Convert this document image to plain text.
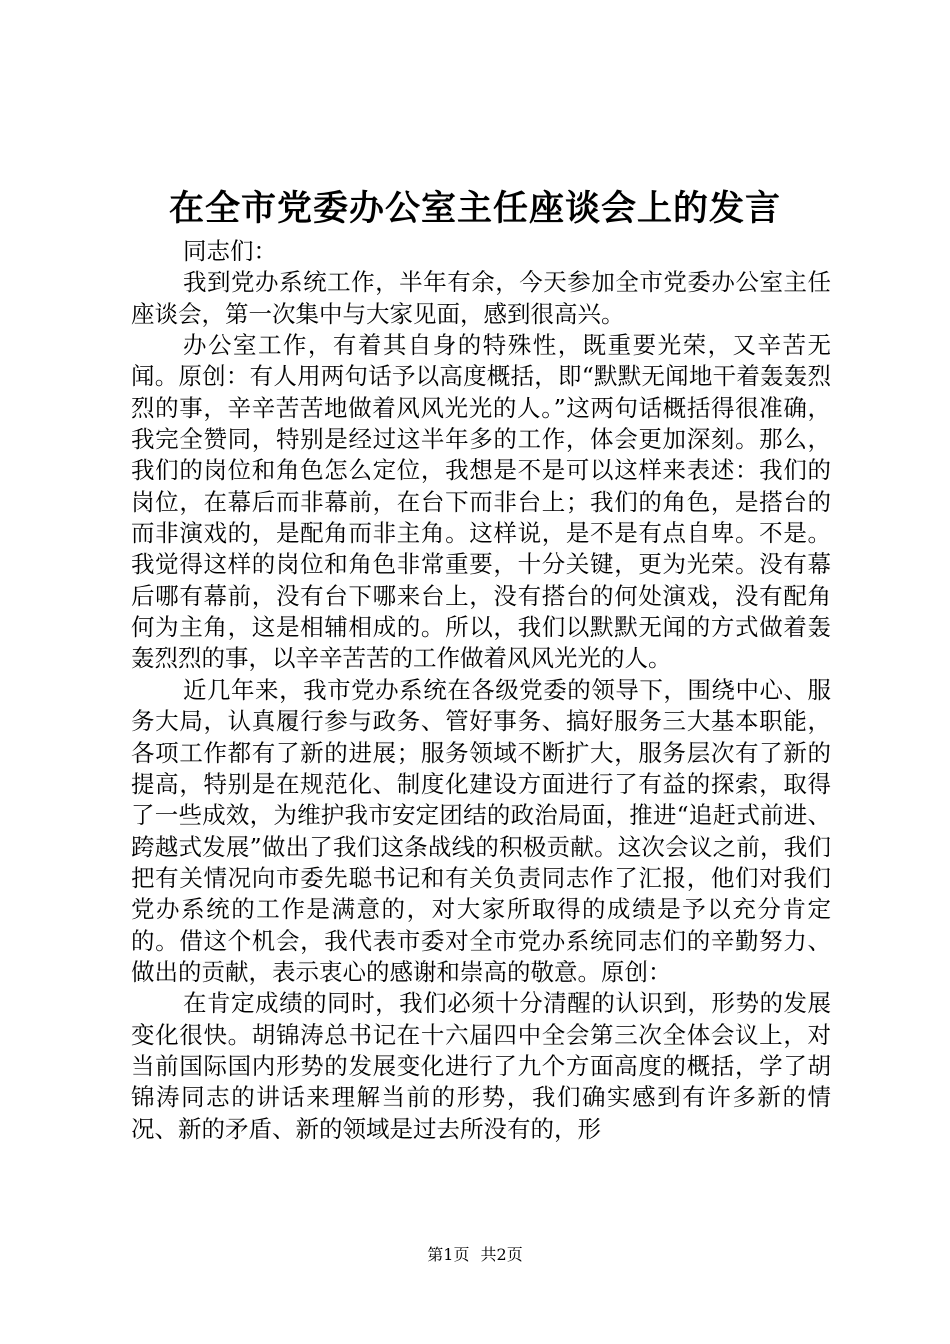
在全市党委办公室主任座谈会上的发言

同志们：

我到党办系统工作，半年有余，今天参加全市党委办公室主任座谈会，第一次集中与大家见面，感到很高兴。

办公室工作，有着其自身的特殊性，既重要光荣，又辛苦无闻。原创：有人用两句话予以高度概括，即“默默无闻地干着轰轰烈烈的事，辛辛苦苦地做着风风光光的人。”这两句话概括得很准确，我完全赞同，特别是经过这半年多的工作，体会更加深刻。那么，我们的岗位和角色怎么定位，我想是不是可以这样来表述：我们的岗位，在幕后而非幕前，在台下而非台上；我们的角色，是搭台的而非演戏的，是配角而非主角。这样说，是不是有点自卑。不是。我觉得这样的岗位和角色非常重要，十分关键，更为光荣。没有幕后哪有幕前，没有台下哪来台上，没有搭台的何处演戏，没有配角何为主角，这是相辅相成的。所以，我们以默默无闻的方式做着轰轰烈烈的事，以辛辛苦苦的工作做着风风光光的人。

近几年来，我市党办系统在各级党委的领导下，围绕中心、服务大局，认真履行参与政务、管好事务、搞好服务三大基本职能，各项工作都有了新的进展；服务领域不断扩大，服务层次有了新的提高，特别是在规范化、制度化建设方面进行了有益的探索，取得了一些成效，为维护我市安定团结的政治局面，推进“追赶式前进、跨越式发展”做出了我们这条战线的积极贡献。这次会议之前，我们把有关情况向市委先聪书记和有关负责同志作了汇报，他们对我们党办系统的工作是满意的，对大家所取得的成绩是予以充分肯定的。借这个机会，我代表市委对全市党办系统同志们的辛勤努力、做出的贡献，表示衷心的感谢和崇高的敬意。原创：

在肯定成绩的同时，我们必须十分清醒的认识到，形势的发展变化很快。胡锦涛总书记在十六届四中全会第三次全体会议上，对当前国际国内形势的发展变化进行了九个方面高度的概括，学了胡锦涛同志的讲话来理解当前的形势，我们确实感到有许多新的情况、新的矛盾、新的领域是过去所没有的，形

第1页 共2页
